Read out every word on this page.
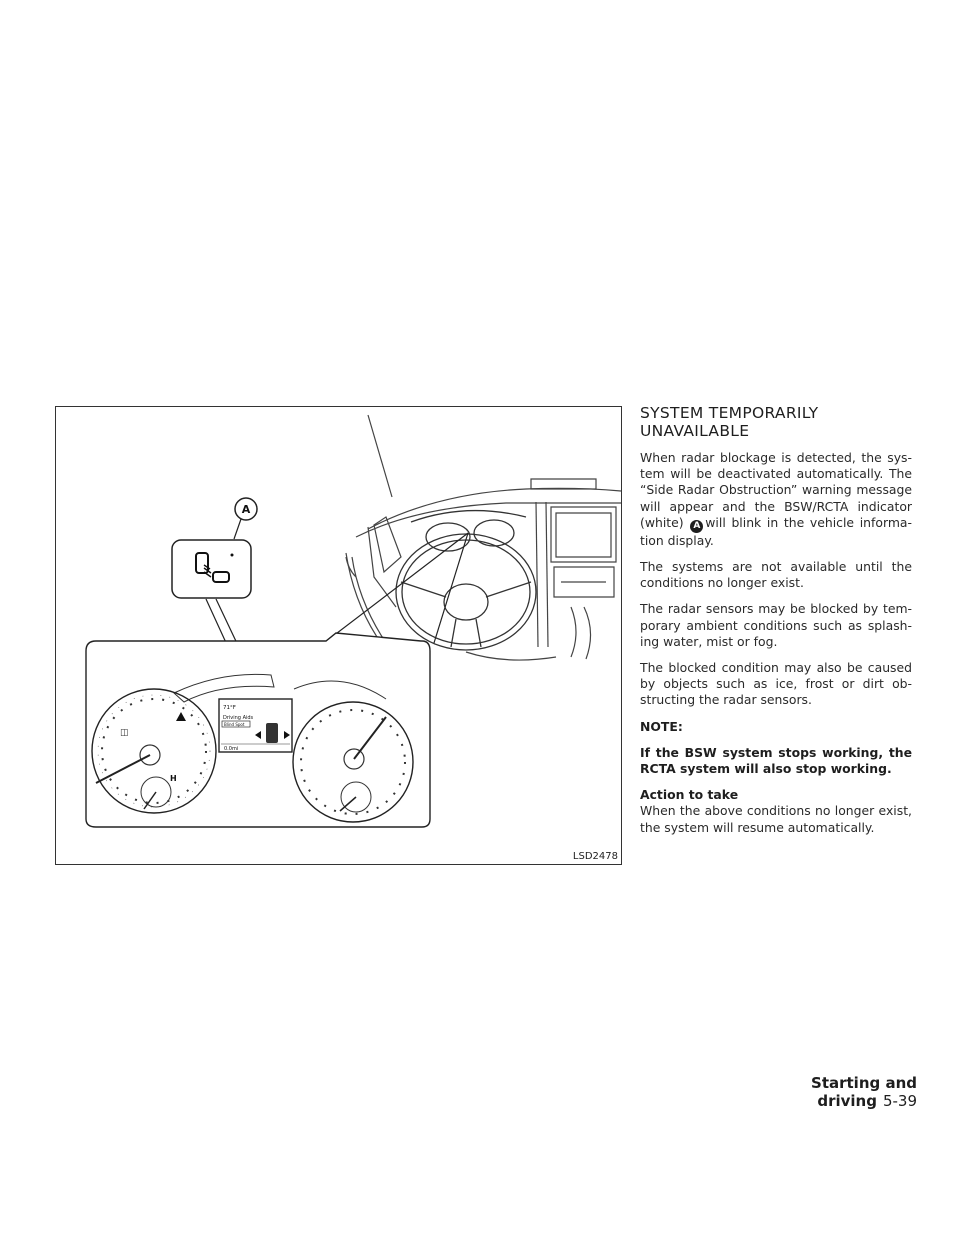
A
◫
H
71°F
Driving Aids
Blind Spot
0.0mi
LSD2478
SYSTEM TEMPORARILY UNAVAILABLE

When radar blockage is detected, the sys-tem will be deactivated automatically. The “Side Radar Obstruction” warning message will appear and the BSW/RCTA indicator (white) A will blink in the vehicle informa-tion display.

The systems are not available until the conditions no longer exist.

The radar sensors may be blocked by tem-porary ambient conditions such as splash-ing water, mist or fog.

The blocked condition may also be caused by objects such as ice, frost or dirt ob-structing the radar sensors.

NOTE:

If the BSW system stops working, the RCTA system will also stop working.

Action to take

When the above conditions no longer exist, the system will resume automatically.

Starting and driving 5-39
